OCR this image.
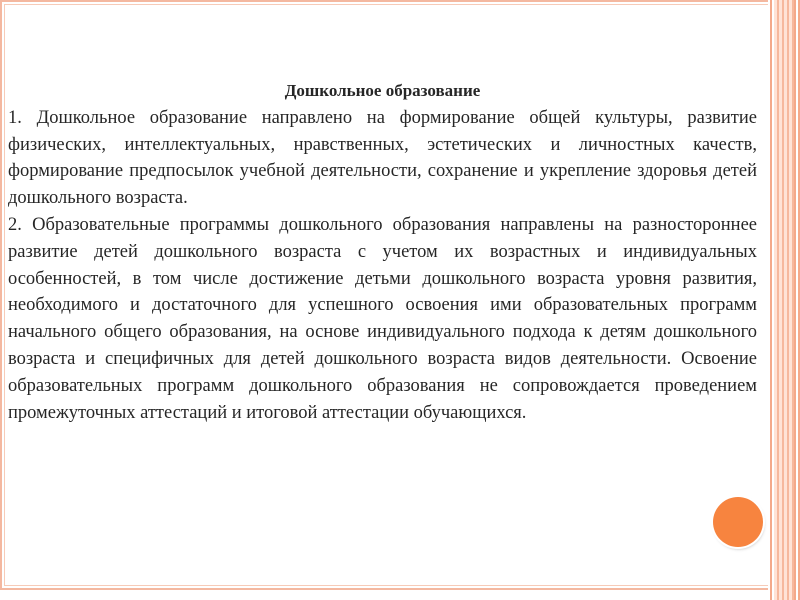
Дошкольное образование

1. Дошкольное образование направлено на формирование общей культуры, развитие физических, интеллектуальных, нравственных, эстетических и личностных качеств, формирование предпосылок учебной деятельности, сохранение и укрепление здоровья детей дошкольного возраста.

2. Образовательные программы дошкольного образования направлены на разностороннее развитие детей дошкольного возраста с учетом их возрастных и индивидуальных особенностей, в том числе достижение детьми дошкольного возраста уровня развития, необходимого и достаточного для успешного освоения ими образовательных программ начального общего образования, на основе индивидуального подхода к детям дошкольного возраста и специфичных для детей дошкольного возраста видов деятельности. Освоение образовательных программ дошкольного образования не сопровождается проведением промежуточных аттестаций и итоговой аттестации обучающихся.
